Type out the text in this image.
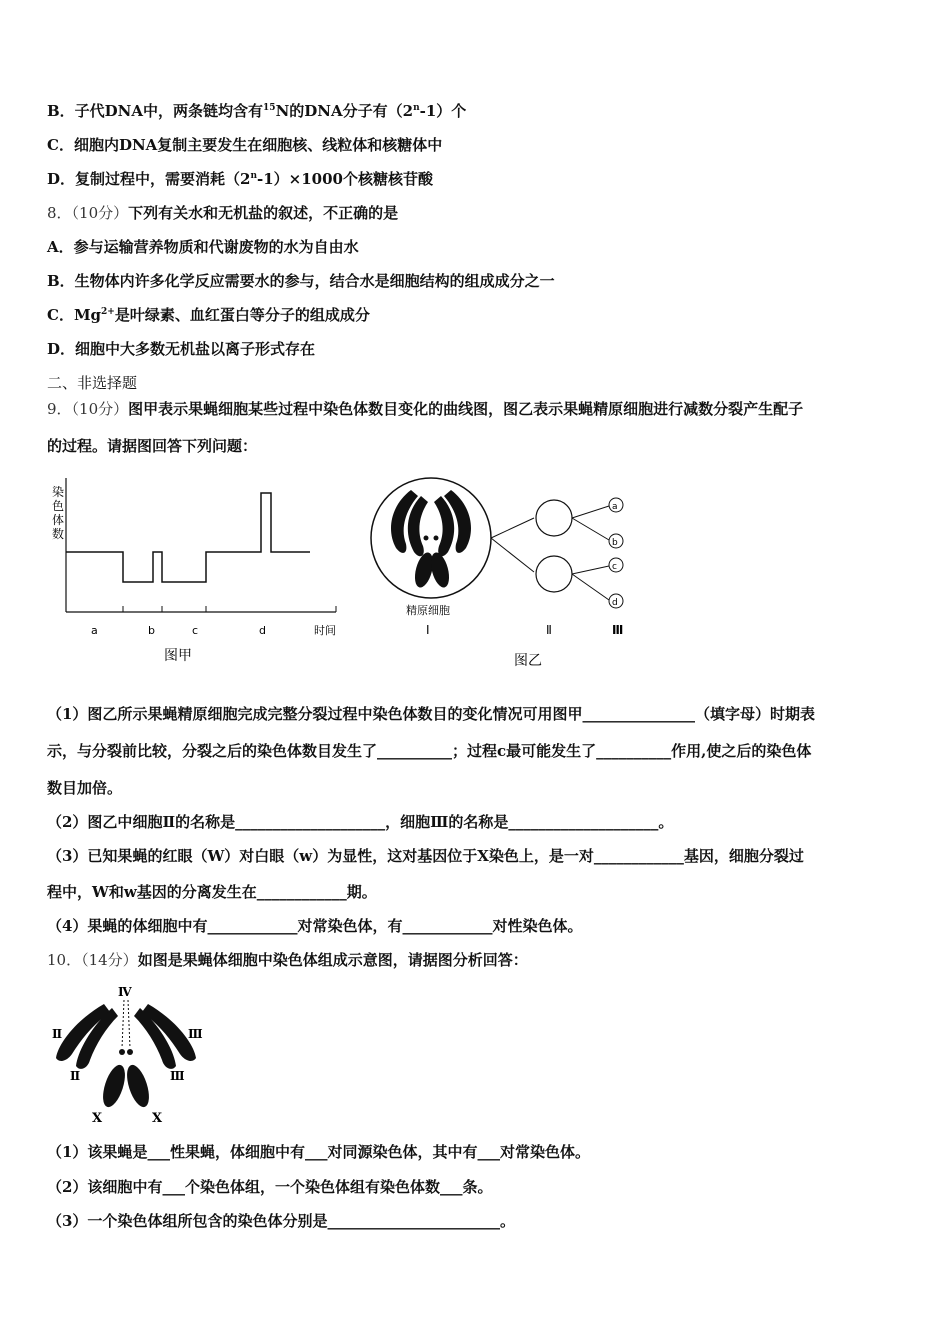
B．子代DNA中，两条链均含有$^{15}$N的DNA分子有（2$^n$-1）个
C．细胞内DNA复制主要发生在细胞核、线粒体和核糖体中
D．复制过程中，需要消耗$(2^n-1)\times 1000$个核糖核苷酸
8．（10分）下列有关水和无机盐的叙述，不正确的是
A．参与运输营养物质和代谢废物的水为自由水
B．生物体内许多化学反应需要水的参与，结合水是细胞结构的组成成分之一
C．$Mg^{2+}$是叶绿素、血红蛋白等分子的组成成分
D．细胞中大多数无机盐以离子形式存在
二、非选择题
9．（10分）图甲表示果蝇细胞某些过程中染色体数目变化的曲线图，图乙表示果蝇精原细胞进行减数分裂产生配子
的过程。请据图回答下列问题：
染
色
体
数
a	b	c	d	时间
图甲
a
b
c
d
精原细胞
Ⅰ	Ⅱ	Ⅲ
图乙
（1）图乙所示果蝇精原细胞完成完整分裂过程中染色体数目的变化情况可用图甲_______________（填字母）时期表
示，与分裂前比较，分裂之后的染色体数目发生了__________；过程c最可能发生了__________作用,使之后的染色体
数目加倍。
（2）图乙中细胞Ⅱ的名称是____________________，细胞Ⅲ的名称是____________________。
（3）已知果蝇的红眼（W）对白眼（w）为显性，这对基因位于X染色上，是一对____________基因，细胞分裂过
程中，W和w基因的分离发生在____________期。
（4）果蝇的体细胞中有____________对常染色体，有____________对性染色体。
10．（14分）如图是果蝇体细胞中染色体组成示意图，请据图分析回答：
Ⅳ
Ⅱ	Ⅲ
Ⅱ	Ⅲ
X	X
（1）该果蝇是___性果蝇，体细胞中有___对同源染色体，其中有___对常染色体。
（2）该细胞中有___个染色体组，一个染色体组有染色体数___条。
（3）一个染色体组所包含的染色体分别是_______________________。
